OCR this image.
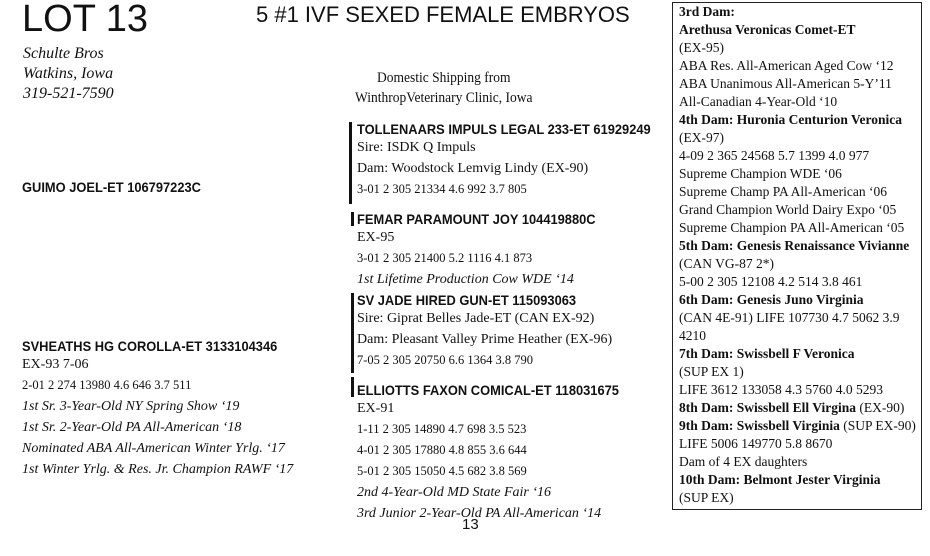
LOT 13	5 #1 IVF SEXED FEMALE EMBRYOS
Schulte Bros
Watkins, Iowa
319-521-7590
Domestic Shipping from
WinthropVeterinary Clinic, Iowa
GUIMO JOEL-ET 106797223C
SVHEATHS HG COROLLA-ET 3133104346
EX-93 7-06
2-01 2 274 13980 4.6 646 3.7 511
1st Sr. 3-Year-Old NY Spring Show ‘19
1st Sr. 2-Year-Old PA All-American ‘18
Nominated ABA All-American Winter Yrlg. ‘17
1st Winter Yrlg. & Res. Jr. Champion RAWF ‘17
TOLLENAARS IMPULS LEGAL 233-ET 61929249
Sire: ISDK Q Impuls
Dam: Woodstock Lemvig Lindy (EX-90)
3-01 2 305 21334 4.6 992 3.7 805
FEMAR PARAMOUNT JOY 104419880C
EX-95
3-01 2 305 21400 5.2 1116 4.1 873
1st Lifetime Production Cow WDE ‘14
SV JADE HIRED GUN-ET 115093063
Sire: Giprat Belles Jade-ET (CAN EX-92)
Dam: Pleasant Valley Prime Heather (EX-96)
7-05 2 305 20750 6.6 1364 3.8 790
ELLIOTTS FAXON COMICAL-ET 118031675
EX-91
1-11 2 305 14890 4.7 698 3.5 523
4-01 2 305 17880 4.8 855 3.6 644
5-01 2 305 15050 4.5 682 3.8 569
2nd 4-Year-Old MD State Fair ‘16
3rd Junior 2-Year-Old PA All-American ‘14
13
3rd Dam:
Arethusa Veronicas Comet-ET
(EX-95)
ABA Res. All-American Aged Cow ‘12
ABA Unanimous All-American 5-Y’11
All-Canadian 4-Year-Old ‘10
4th Dam: Huronia Centurion Veronica
(EX-97)
4-09 2 365 24568 5.7 1399 4.0 977
Supreme Champion WDE ‘06
Supreme Champ PA All-American ‘06
Grand Champion World Dairy Expo ‘05
Supreme Champion PA All-American ‘05
5th Dam: Genesis Renaissance Vivianne
(CAN VG-87 2*)
5-00 2 305 12108 4.2 514 3.8 461
6th Dam: Genesis Juno Virginia
(CAN 4E-91) LIFE 107730 4.7 5062 3.9
4210
7th Dam: Swissbell F Veronica
(SUP EX 1)
LIFE 3612 133058 4.3 5760 4.0 5293
8th Dam: Swissbell Ell Virgina (EX-90)
9th Dam: Swissbell Virginia (SUP EX-90)
LIFE 5006 149770 5.8 8670
Dam of 4 EX daughters
10th Dam: Belmont Jester Virginia
(SUP EX)
